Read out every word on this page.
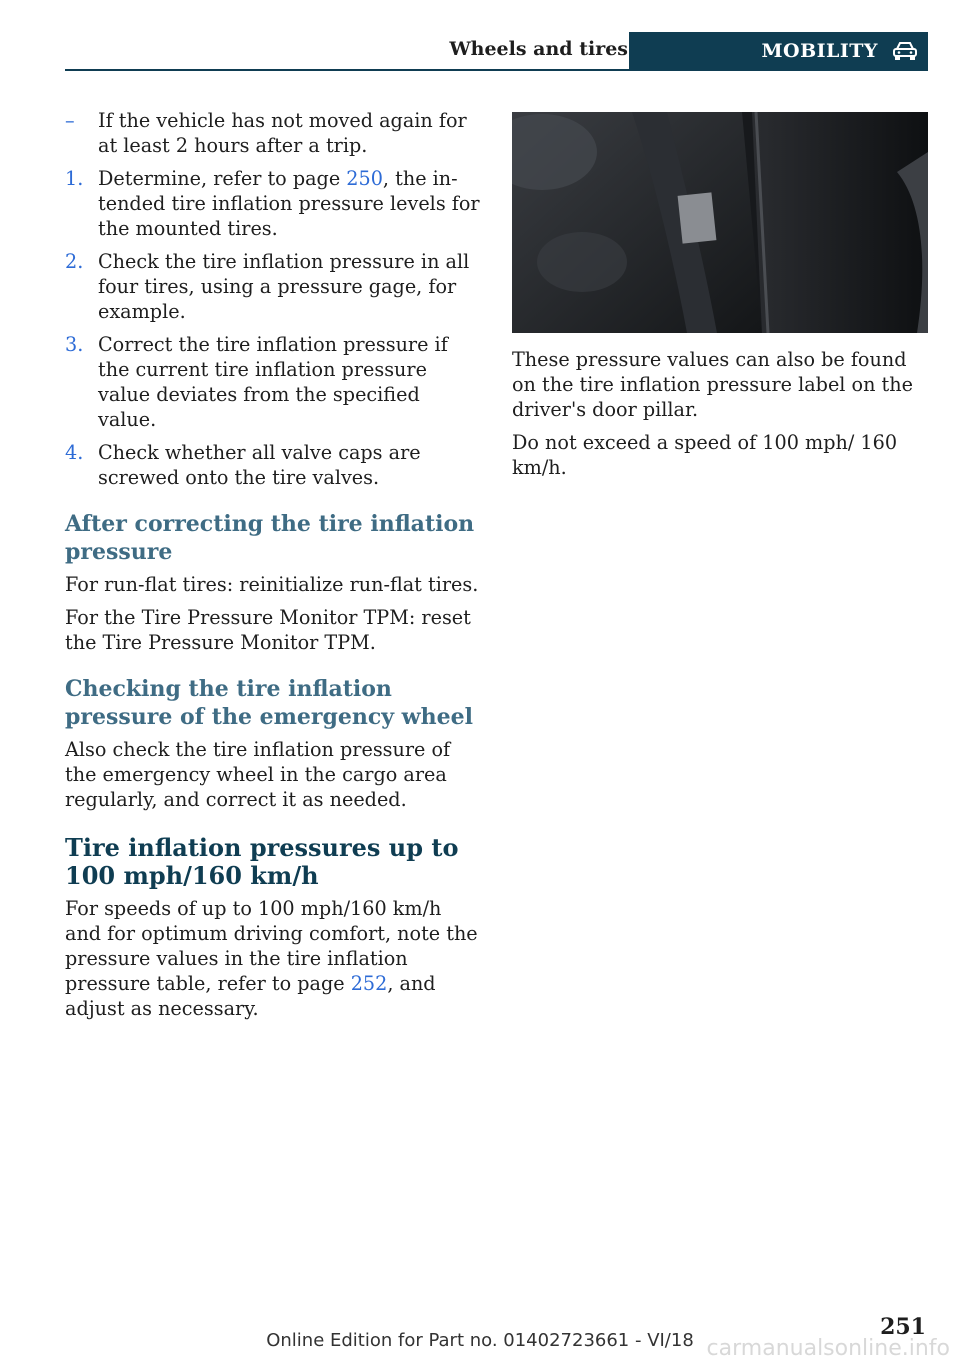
Wheels and tires	MOBILITY
–	If the vehicle has not moved again for at least 2 hours after a trip.
1. Determine, refer to page 250, the intended tire inflation pressure levels for the mounted tires.
2. Check the tire inflation pressure in all four tires, using a pressure gage, for example.
3. Correct the tire inflation pressure if the current tire inflation pressure value deviates from the specified value.
4. Check whether all valve caps are screwed onto the tire valves.
After correcting the tire inflation pressure

For run-flat tires: reinitialize run-flat tires.

For the Tire Pressure Monitor TPM: reset the Tire Pressure Monitor TPM.

Checking the tire inflation pressure of the emergency wheel

Also check the tire inflation pressure of the emergency wheel in the cargo area regularly, and correct it as needed.

Tire inflation pressures up to 100 mph/160 km/h

For speeds of up to 100 mph/160 km/h and for optimum driving comfort, note the pressure values in the tire inflation pressure table, refer to page 252, and adjust as necessary.

These pressure values can also be found on the tire inflation pressure label on the driver's door pillar.

Do not exceed a speed of 100 mph/ 160 km/h.

251
Online Edition for Part no. 01402723661 - VI/18 carmanualsonline.info
